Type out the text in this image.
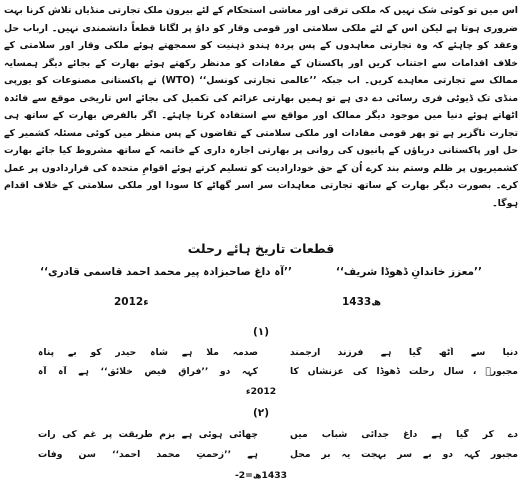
اس میں تو کوئی شک نہیں کہ ملکی ترقی اور معاشی استحکام کے لئے بیرون ملک تجارتی منڈیاں تلاش کرنا بہت ضروری ہوتا ہے لیکن اس کے لئے ملکی سلامتی اور قومی وقار کو داؤ پر لگانا قطعاً دانشمندی نہیں۔ ارباب حل وعقد کو چاہئے کہ وہ تجارتی معاہدوں کے پس پردہ ہندو ذہنیت کو سمجھتے ہوئے ملکی وقار اور سلامتی کے خلاف اقدامات سے اجتناب کریں اور پاکستان کے مفادات کو مدنظر رکھتے ہوئے بھارت کے بجائے دیگر ہمسایہ ممالک سے تجارتی معاہدے کریں۔ اب جبکہ ’’عالمی تجارتی کونسل‘‘ (WTO) نے پاکستانی مصنوعات کو یورپی منڈی تک ڈیوٹی فری رسائی دے دی ہے تو ہمیں بھارتی عزائم کی تکمیل کی بجائے اس تاریخی موقع سے فائدہ اٹھاتے ہوئے دنیا میں موجود دیگر ممالک اور مواقع سے استفادہ کرنا چاہئے۔ اگر بالفرض بھارت کے ساتھ ہی تجارت ناگزیر ہے تو پھر قومی مفادات اور ملکی سلامتی کے تقاضوں کے پس منظر میں کوئی مسئلہ کشمیر کے حل اور پاکستانی دریاؤں کے پانیوں کی روانی پر بھارتی اجارہ داری کے خاتمہ کے ساتھ مشروط کیا جائے بھارت کشمیریوں پر ظلم وستم بند کرے اُن کے حق خودارادیت کو تسلیم کرتے ہوئے اقوامِ متحدہ کی قراردادوں پر عمل کرے۔ بصورت دیگر بھارت کے ساتھ تجارتی معاہدات سر اسر گھاٹے کا سودا اور ملکی سلامتی کے خلاف اقدام ہوگا۔

قطعات تاریخ ہائے رحلت
’’معزز خاندانِ ڈھوڈا شریف‘‘
’’آہ داغ صاحبزادہ پیر محمد احمد قاسمی قادری‘‘
1433ھ
2012ء
(۱)
دنیا سے اُٹھ گیا ہے فرزند ارجمند
صدمہ ملا ہے شاہ حیدر کو بے پناہ
مجبورؔ ، سال رحلت ڈھوڈا کی عزنشاں کا
کہہ دو ’’فراقِ فیضِ خلائق‘‘ ہے آہ آہ
2012ء
(۲)
دے کر گیا ہے داغ جدائی شباب میں
چھائی ہوئی ہے بزمِ طریقت پر غم کی رات
مجبور کہہ دو بے سر بہجت یہ بر محل
ہے ’’زحمتِ محمد احمد‘‘ سن وفات
1433ھ=2-
